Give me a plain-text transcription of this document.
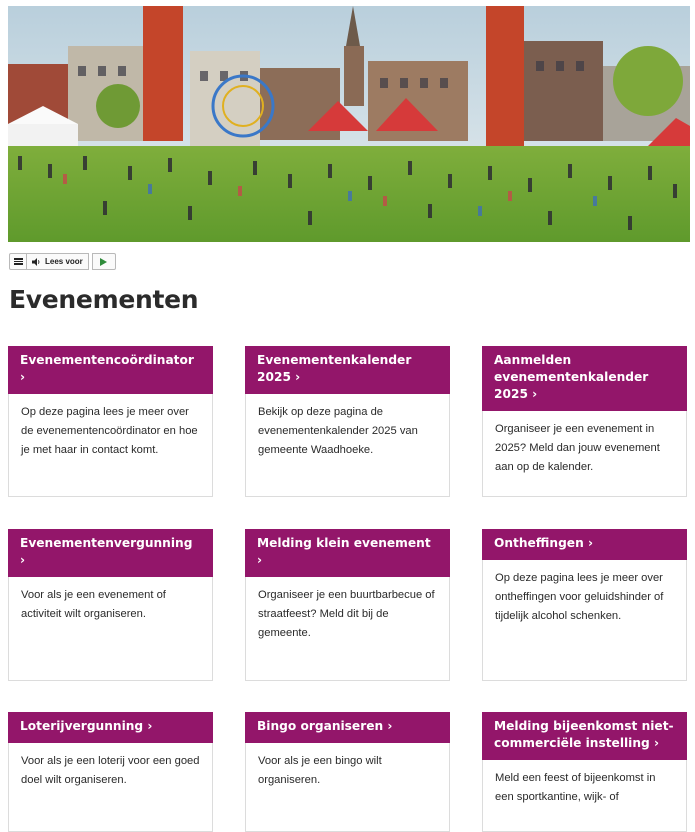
Lees voor
Evenementen
Evenementencoördinator ›
Op deze pagina lees je meer over de evenementencoördinator en hoe je met haar in contact komt.
Evenementenkalender 2025 ›
Bekijk op deze pagina de evenementenkalender 2025 van gemeente Waadhoeke.
Aanmelden evenementenkalender 2025 ›
Organiseer je een evenement in 2025? Meld dan jouw evenement aan op de kalender.
Evenementenvergunning ›
Voor als je een evenement of activiteit wilt organiseren.
Melding klein evenement ›
Organiseer je een buurtbarbecue of straatfeest? Meld dit bij de gemeente.
Ontheffingen ›
Op deze pagina lees je meer over ontheffingen voor geluidshinder of tijdelijk alcohol schenken.
Loterijvergunning ›
Voor als je een loterij voor een goed doel wilt organiseren.
Bingo organiseren ›
Voor als je een bingo wilt organiseren.
Melding bijeenkomst niet-commerciële instelling ›
Meld een feest of bijeenkomst in een sportkantine, wijk- of
